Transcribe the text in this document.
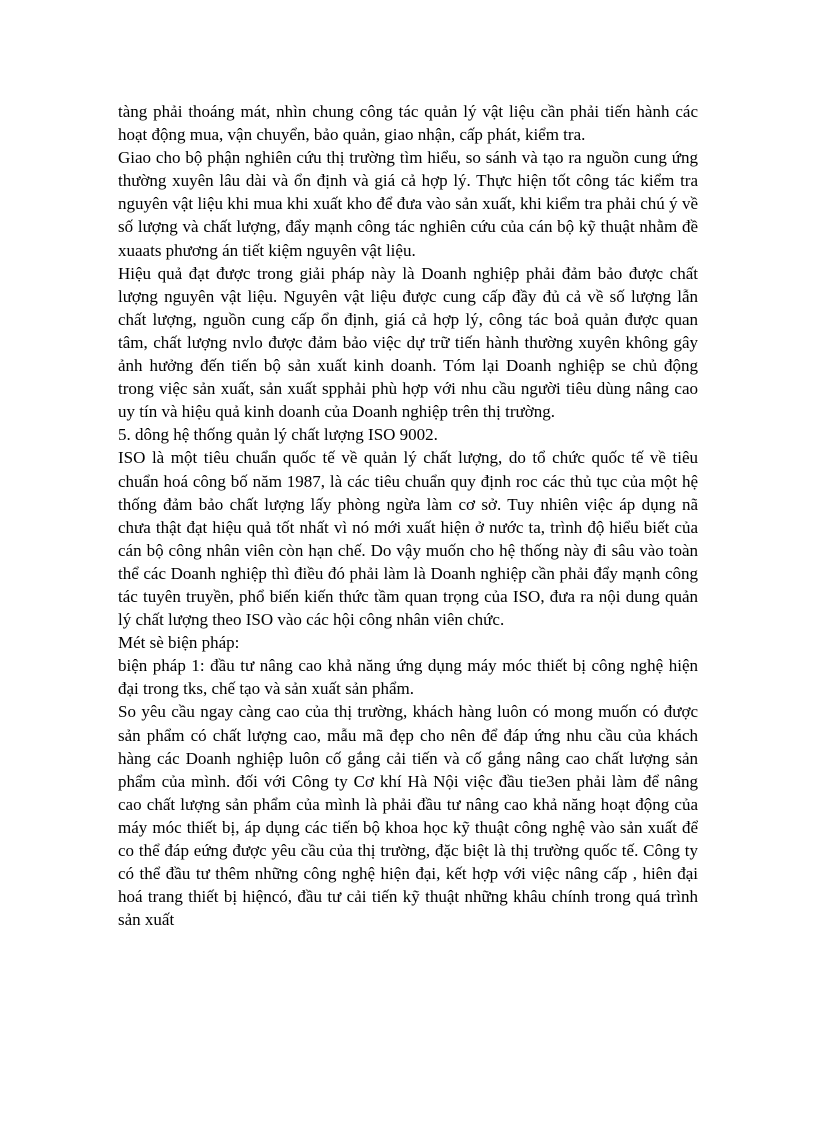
tàng phải thoáng mát, nhìn chung công tác quản lý vật liệu cần phải tiến hành các hoạt động mua, vận chuyển, bảo quản, giao nhận, cấp phát, kiểm tra.

Giao cho bộ phận nghiên cứu thị trường tìm hiểu, so sánh và tạo ra nguồn cung ứng thường xuyên lâu dài và ổn định và giá cả hợp lý. Thực hiện tốt công tác kiểm tra nguyên vật liệu khi mua khi xuất kho để đưa vào sản xuất, khi kiểm tra phải chú ý về số lượng và chất lượng, đẩy mạnh công tác nghiên cứu của cán bộ kỹ thuật nhằm đề xuaats phương án tiết kiệm nguyên vật liệu.

Hiệu quả đạt được trong giải pháp này là Doanh nghiệp phải đảm bảo được chất lượng nguyên vật liệu. Nguyên vật liệu được cung cấp đầy đủ cả về số lượng lẫn chất lượng, nguồn cung cấp ổn định, giá cả hợp lý, công tác boả quản được quan tâm, chất lượng nvlo được đảm bảo việc dự trữ tiến hành thường xuyên không gây ảnh hưởng đến tiến bộ sản xuất kinh doanh. Tóm lại Doanh nghiệp se chủ động trong việc sản xuất, sản xuất spphải phù hợp với nhu cầu người tiêu dùng nâng cao uy tín và hiệu quả kinh doanh của Doanh nghiệp trên thị trường.

5. dông hệ thống quản lý chất lượng ISO 9002.

ISO là một tiêu chuẩn quốc tế về quản lý chất lượng, do tổ chức quốc tế về tiêu chuẩn hoá công bố năm 1987, là các tiêu chuẩn quy định roc các thủ tục của một hệ thống đảm bảo chất lượng lấy phòng ngừa làm cơ sở. Tuy nhiên việc áp dụng nã chưa thật đạt hiệu quả tốt nhất vì nó mới xuất hiện ở nước ta, trình độ hiểu biết của cán bộ công nhân viên còn hạn chế. Do vậy muốn cho hệ thống này đi sâu vào toàn thể các Doanh nghiệp thì điều đó phải làm là Doanh nghiệp cần phải đẩy mạnh công tác tuyên truyền, phổ biến kiến thức tầm quan trọng của ISO, đưa ra nội dung quản lý chất lượng theo ISO vào các hội công nhân viên chức.

Mét sè biện pháp:

biện pháp 1: đầu tư nâng cao khả năng ứng dụng máy móc thiết bị công nghệ hiện đại trong tks, chế tạo và sản xuất sản phẩm.

So yêu cầu ngay càng cao của thị trường, khách hàng luôn có mong muốn có được sản phẩm có chất lượng cao, mẫu mã đẹp cho nên để đáp ứng nhu cầu của khách hàng các Doanh nghiệp luôn cố gắng cải tiến và cố gắng nâng cao chất lượng sản phẩm của mình. đối với Công ty Cơ khí Hà Nội việc đầu tie3en phải làm để nâng cao chất lượng sản phẩm của mình là phải đầu tư nâng cao khả năng hoạt động của máy móc thiết bị, áp dụng các tiến bộ khoa học kỹ thuật công nghệ vào sản xuất để co thể đáp eứng được yêu cầu của thị trường, đặc biệt là thị trường quốc tế. Công ty có thể đầu tư thêm những công nghệ hiện đại, kết hợp với việc nâng cấp , hiên đại hoá trang thiết bị hiệncó, đầu tư cải tiến kỹ thuật những khâu chính trong quá trình sản xuất
